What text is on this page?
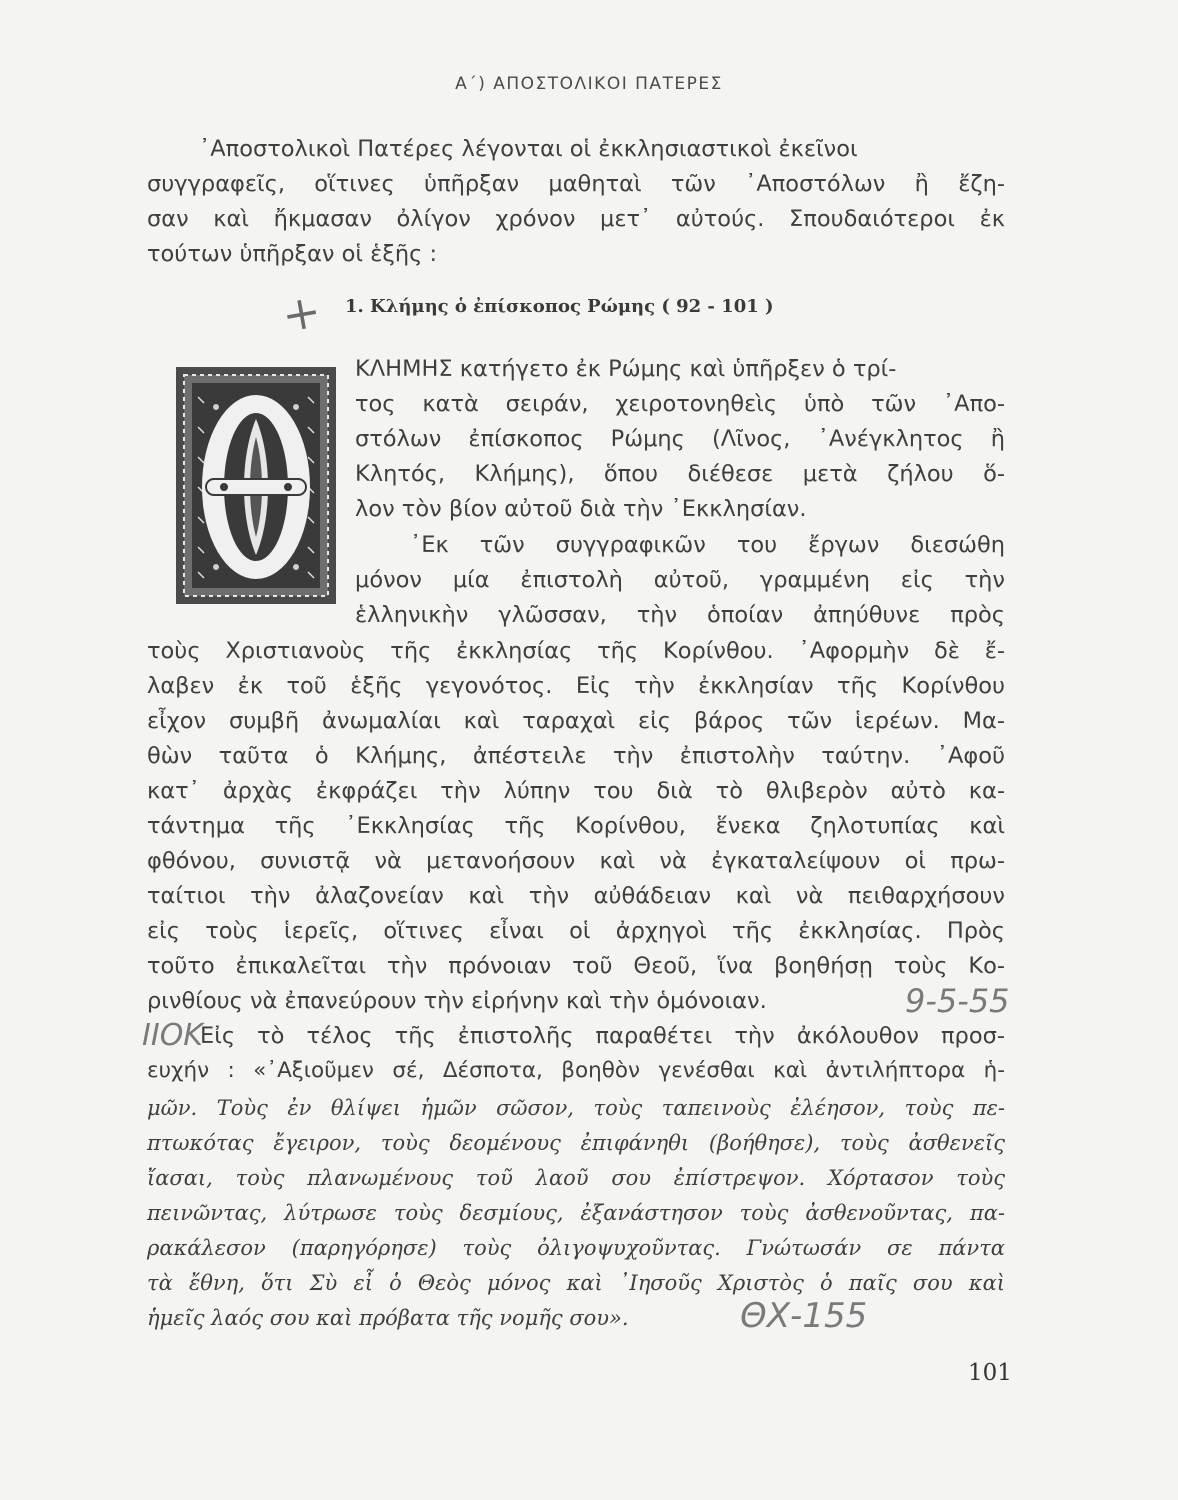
Α΄) ΑΠΟΣΤΟΛΙΚΟΙ ΠΑΤΕΡΕΣ
᾽Αποστολικοὶ Πατέρες λέγονται οἱ ἐκκλησιαστικοὶ ἐκεῖνοι
συγγραφεῖς, οἵτινες ὑπῆρξαν μαθηταὶ τῶν ᾽Αποστόλων ἢ ἔζη-
σαν καὶ ἤκμασαν ὀλίγον χρόνον μετ᾽ αὐτούς. Σπουδαιότεροι ἐκ
τούτων ὑπῆρξαν οἱ ἑξῆς :
+ 1. Κλήμης ὁ ἐπίσκοπος Ρώμης ( 92 - 101 )
ΚΛΗΜΗΣ κατήγετο ἐκ Ρώμης καὶ ὑπῆρξεν ὁ τρί-
τος κατὰ σειράν, χειροτονηθεὶς ὑπὸ τῶν ᾽Απο-
στόλων ἐπίσκοπος Ρώμης (Λῖνος, ᾽Ανέγκλητος ἢ
Κλητός, Κλήμης), ὅπου διέθεσε μετὰ ζήλου ὅ-
λον τὸν βίον αὐτοῦ διὰ τὴν ᾽Εκκλησίαν.
᾽Εκ τῶν συγγραφικῶν του ἔργων διεσώθη
μόνον μία ἐπιστολὴ αὐτοῦ, γραμμένη εἰς τὴν
ἑλληνικὴν γλῶσσαν, τὴν ὁποίαν ἀπηύθυνε πρὸς
τοὺς Χριστιανοὺς τῆς ἐκκλησίας τῆς Κορίνθου. ᾽Αφορμὴν δὲ ἔ-
λαβεν ἐκ τοῦ ἑξῆς γεγονότος. Εἰς τὴν ἐκκλησίαν τῆς Κορίνθου
εἶχον συμβῆ ἀνωμαλίαι καὶ ταραχαὶ εἰς βάρος τῶν ἱερέων. Μα-
θὼν ταῦτα ὁ Κλήμης, ἀπέστειλε τὴν ἐπιστολὴν ταύτην. ᾽Αφοῦ
κατ᾽ ἀρχὰς ἐκφράζει τὴν λύπην του διὰ τὸ θλιβερὸν αὐτὸ κα-
τάντημα τῆς ᾽Εκκλησίας τῆς Κορίνθου, ἕνεκα ζηλοτυπίας καὶ
φθόνου, συνιστᾷ νὰ μετανοήσουν καὶ νὰ ἐγκαταλείψουν οἱ πρω-
ταίτιοι τὴν ἀλαζονείαν καὶ τὴν αὐθάδειαν καὶ νὰ πειθαρχήσουν
εἰς τοὺς ἱερεῖς, οἵτινες εἶναι οἱ ἀρχηγοὶ τῆς ἐκκλησίας. Πρὸς
τοῦτο ἐπικαλεῖται τὴν πρόνοιαν τοῦ Θεοῦ, ἵνα βοηθήσῃ τοὺς Κο-
ρινθίους νὰ ἐπανεύρουν τὴν εἰρήνην καὶ τὴν ὁμόνοιαν.
Εἰς τὸ τέλος τῆς ἐπιστολῆς παραθέτει τὴν ἀκόλουθον προσ-
ευχήν : «᾽Αξιοῦμεν σέ, Δέσποτα, βοηθὸν γενέσθαι καὶ ἀντιλήπτορα ἡ-
μῶν. Τοὺς ἐν θλίψει ἡμῶν σῶσον, τοὺς ταπεινοὺς ἐλέησον, τοὺς πε-
πτωκότας ἔγειρον, τοὺς δεομένους ἐπιφάνηθι (βοήθησε), τοὺς ἀσθενεῖς
ἴασαι, τοὺς πλανωμένους τοῦ λαοῦ σου ἐπίστρεψον. Χόρτασον τοὺς
πεινῶντας, λύτρωσε τοὺς δεσμίους, ἐξανάστησον τοὺς ἀσθενοῦντας, πα-
ρακάλεσον (παρηγόρησε) τοὺς ὀλιγοψυχοῦντας. Γνώτωσάν σε πάντα
τὰ ἔθνη, ὅτι Σὺ εἶ ὁ Θεὸς μόνος καὶ ᾽Ιησοῦς Χριστὸς ὁ παῖς σου καὶ
ἡμεῖς λαός σου καὶ πρόβατα τῆς νομῆς σου».
9-5-55
ΙΙΟΚ
ΘΧ-155
101
